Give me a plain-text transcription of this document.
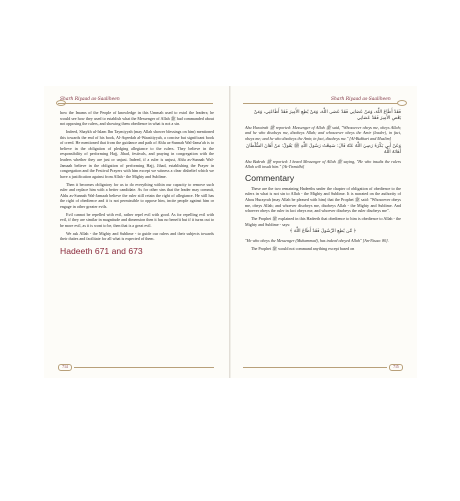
Sharh Riyaad as-Saaliheen

how the Imams of the People of knowledge in this Ummah used to extol the leaders; he would see how they used to establish what the Messenger of Allah ﷺ had commanded about not opposing the rulers, and showing them obedience in what is not a sin.

Indeed, Shaykh ul-Islam Ibn Taymiyyah (may Allah shower blessings on him) mentioned this towards the end of his book, Al-Aqeedah al-Waasitiyyah, a concise but significant book of creed. He mentioned that from the guidance and path of Ahlu as-Sunnah Wal-Jama'ah is to believe in the obligation of pledging allegiance to the rulers. They believe in the responsibility of performing Hajj, Jihad, festivals, and praying in congregation with the leaders whether they are just or unjust. Indeed, if a ruler is unjust, Ahlu as-Sunnah Wal-Jamaah believe in the obligation of performing Hajj, Jihad, establishing the Prayer in congregation and the Festival Prayers with him except we witness a clear disbelief which we have a justification against from Allah - the Mighty and Sublime.

Then it becomes obligatory for us to do everything within our capacity to remove such ruler and replace him with a better candidate. As for other sins that the leader may commit, Ahlu as-Sunnah Wal-Jamaah believe the ruler still retain the right of allegiance. He still has the right of obedience and it is not permissible to oppose him, incite people against him or engage in other greater evils.

Evil cannot be repelled with evil, rather repel evil with good. As for repelling evil with evil, if they are similar in magnitude and dimension then it has no benefit but if it turns out to be more evil, as it is wont to be, then that is a great evil.

We ask Allah - the Mighty and Sublime - to guide our rulers and their subjects towards their duties and facilitate for all what is expected of them.

Hadeeth 671 and 673
714
Sharh Riyaad as-Saaliheen

فَقَدْ أَطَاعَ اللَّهَ، وَمَنْ عَصَانِي فَقَدْ عَصَى اللَّهَ، وَمَنْ يُطِعِ الأَمِيرَ فَقَدْ أَطَاعَنِي، وَمَنْ يَعْصِ الأَمِيرَ فَقَدْ عَصَانِي

Abu Hurairah ﷺ reported: Messenger of Allah ﷺ said, "Whosoever obeys me, obeys Allah; and he who disobeys me, disobeys Allah; and whosoever obeys the Amir (leader), in fact, obeys me; and he who disobeys the Amir, in fact, disobeys me." [Al-Bukhari and Muslim]

وَعَنْ أَبِي بَكْرَةَ رَضِيَ اللَّهُ عَنْهُ قَالَ: سَمِعْتُ رَسُولَ اللَّهِ ﷺ يَقُولُ: مَنْ أَهَانَ السُّلْطَانَ أَهَانَهُ اللَّهُ

Abu Bakrah ﷺ reported: I heard Messenger of Allah ﷺ saying, "He who insults the rulers Allah will insult him." [At-Tirmidhi]

Commentary

These are the two remaining Hadeeths under the chapter of obligation of obedience to the rulers in what is not sin to Allah - the Mighty and Sublime. It is narrated on the authority of Abou Hurayrah (may Allah be pleased with him) that the Prophet ﷺ said: "Whosoever obeys me, obeys Allah; and whoever disobeys me, disobeys Allah - the Mighty and Sublime. And whoever obeys the ruler in fact obeys me, and whoever disobeys the ruler disobeys me".

The Prophet ﷺ explained in this Hadeeth that obedience to him is obedience to Allah - the Mighty and Sublime - says:

﴿ مَّن يُطِعِ الرَّسُولَ فَقَدْ أَطَاعَ اللَّهَ ﴾

"He who obeys the Messenger (Muhammad), has indeed obeyed Allah" [An-Nisaa: 80].

The Prophet ﷺ would not command anything except based on

715
